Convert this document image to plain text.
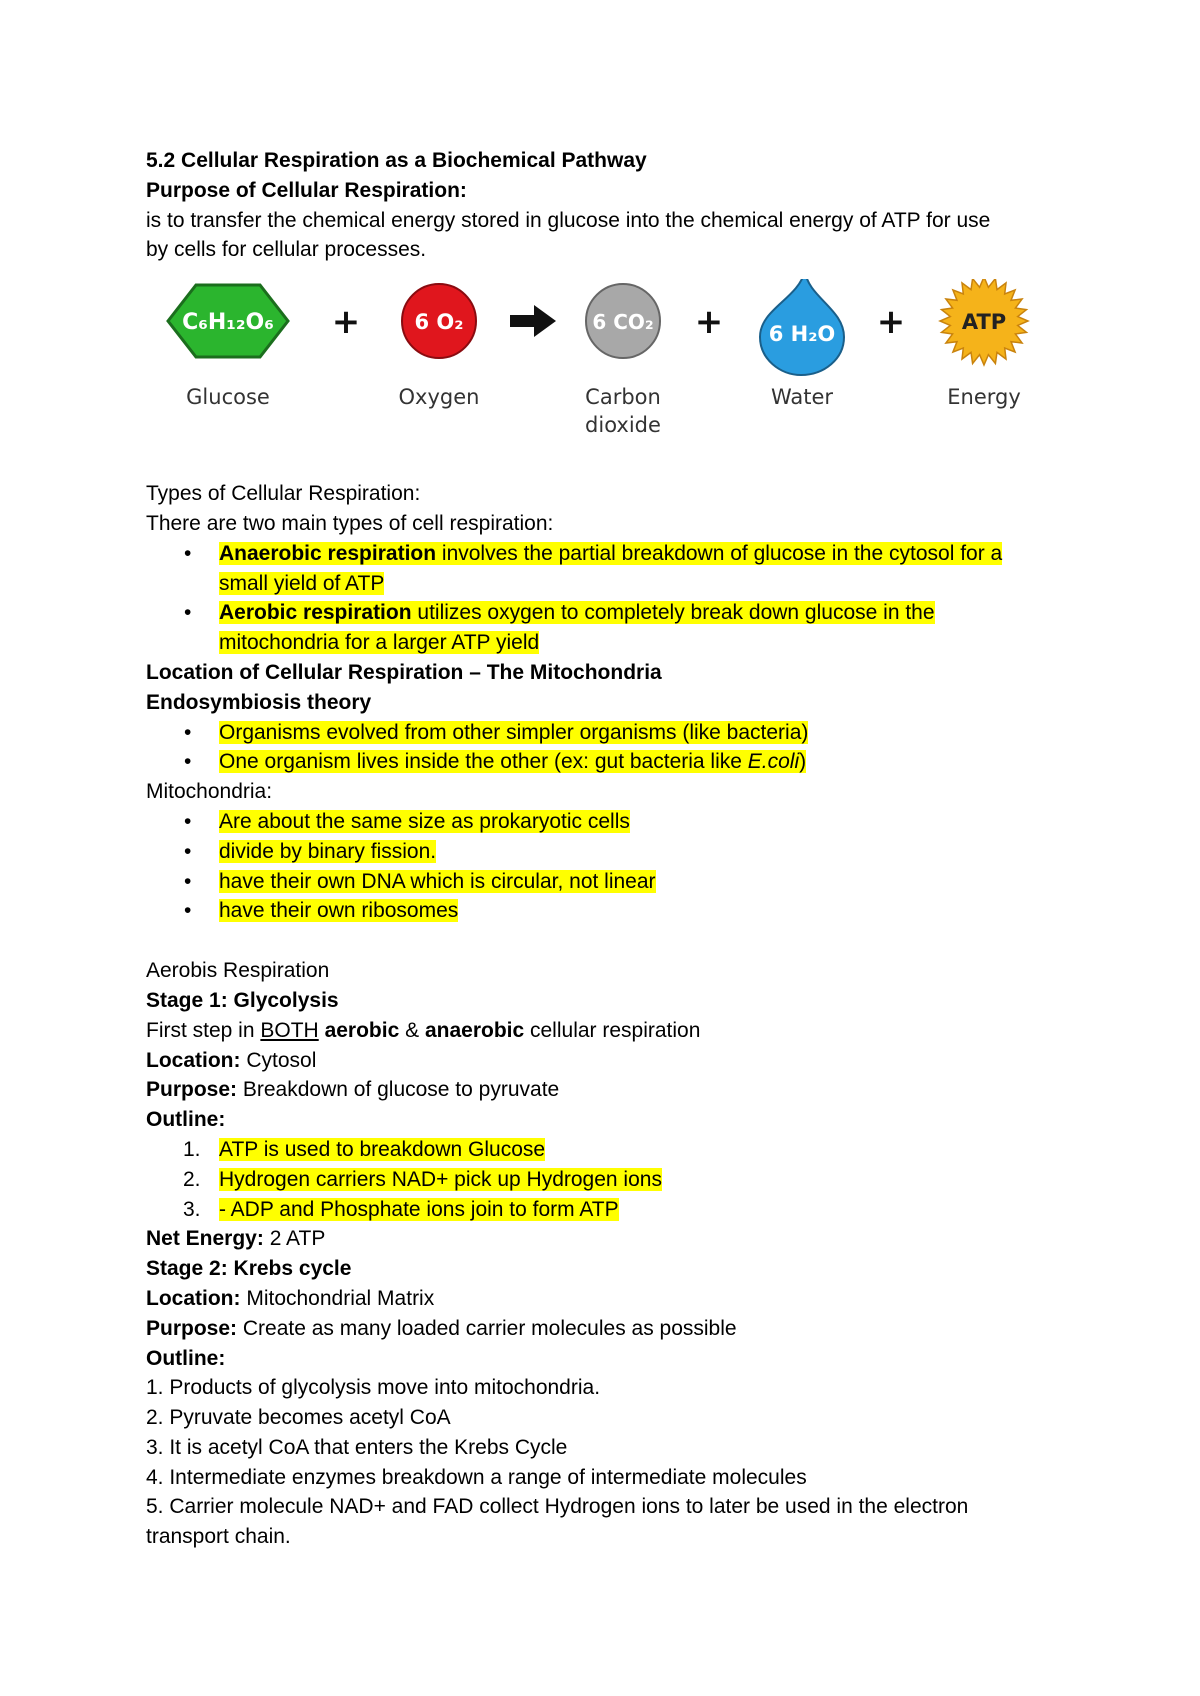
5.2 Cellular Respiration as a Biochemical Pathway
Purpose of Cellular Respiration:
is to transfer the chemical energy stored in glucose into the chemical energy of ATP for use
by cells for cellular processes.
C₆H₁₂O₆ +	6 O₂	6 CO₂ + 6 H₂O +	ATP
Glucose	Oxygen	Carbon
dioxide
Water	Energy
Types of Cellular Respiration:
There are two main types of cell respiration:
• Anaerobic respiration involves the partial breakdown of glucose in the cytosol for a
small yield of ATP
• Aerobic respiration utilizes oxygen to completely break down glucose in the
mitochondria for a larger ATP yield
Location of Cellular Respiration – The Mitochondria
Endosymbiosis theory
• Organisms evolved from other simpler organisms (like bacteria)
• One organism lives inside the other (ex: gut bacteria like E.coli)
Mitochondria:
• Are about the same size as prokaryotic cells
• divide by binary fission.
• have their own DNA which is circular, not linear
• have their own ribosomes
Aerobis Respiration
Stage 1: Glycolysis
First step in BOTH aerobic & anaerobic cellular respiration
Location: Cytosol
Purpose: Breakdown of glucose to pyruvate
Outline:
1. ATP is used to breakdown Glucose
2. Hydrogen carriers NAD+ pick up Hydrogen ions
3. - ADP and Phosphate ions join to form ATP
Net Energy: 2 ATP
Stage 2: Krebs cycle
Location: Mitochondrial Matrix
Purpose: Create as many loaded carrier molecules as possible
Outline:
1. Products of glycolysis move into mitochondria.
2. Pyruvate becomes acetyl CoA
3. It is acetyl CoA that enters the Krebs Cycle
4. Intermediate enzymes breakdown a range of intermediate molecules
5. Carrier molecule NAD+ and FAD collect Hydrogen ions to later be used in the electron
transport chain.
